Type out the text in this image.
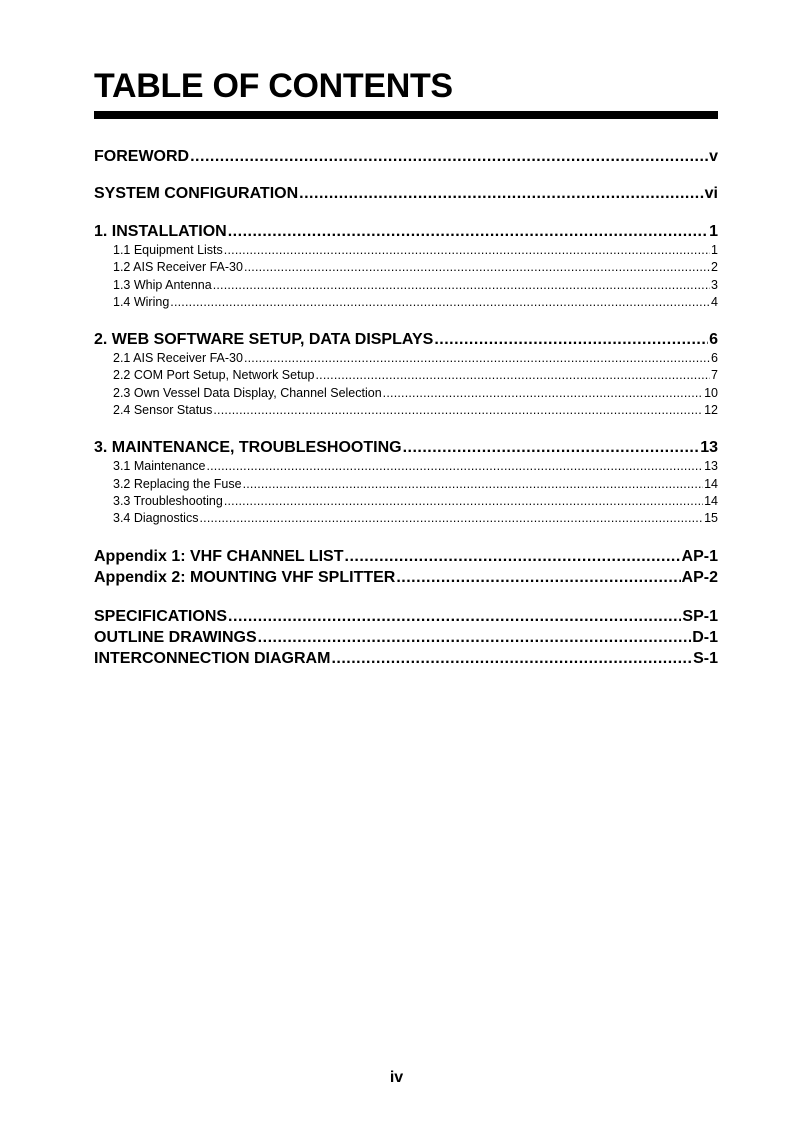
TABLE OF CONTENTS
FOREWORD .....	v
SYSTEM CONFIGURATION .....	vi
1. INSTALLATION .....	1
1.1 Equipment Lists .....	1
1.2 AIS Receiver FA-30 .....	2
1.3 Whip Antenna .....	3
1.4 Wiring .....	4
2. WEB SOFTWARE SETUP, DATA DISPLAYS .....	6
2.1 AIS Receiver FA-30 .....	6
2.2 COM Port Setup, Network Setup .....	7
2.3 Own Vessel Data Display, Channel Selection .....	10
2.4 Sensor Status .....	12
3. MAINTENANCE, TROUBLESHOOTING .....	13
3.1 Maintenance .....	13
3.2 Replacing the Fuse .....	14
3.3 Troubleshooting .....	14
3.4 Diagnostics .....	15
Appendix 1: VHF CHANNEL LIST .....	AP-1
Appendix 2: MOUNTING VHF SPLITTER .....	AP-2
SPECIFICATIONS .....	SP-1
OUTLINE DRAWINGS .....	D-1
INTERCONNECTION DIAGRAM .....	S-1
iv
